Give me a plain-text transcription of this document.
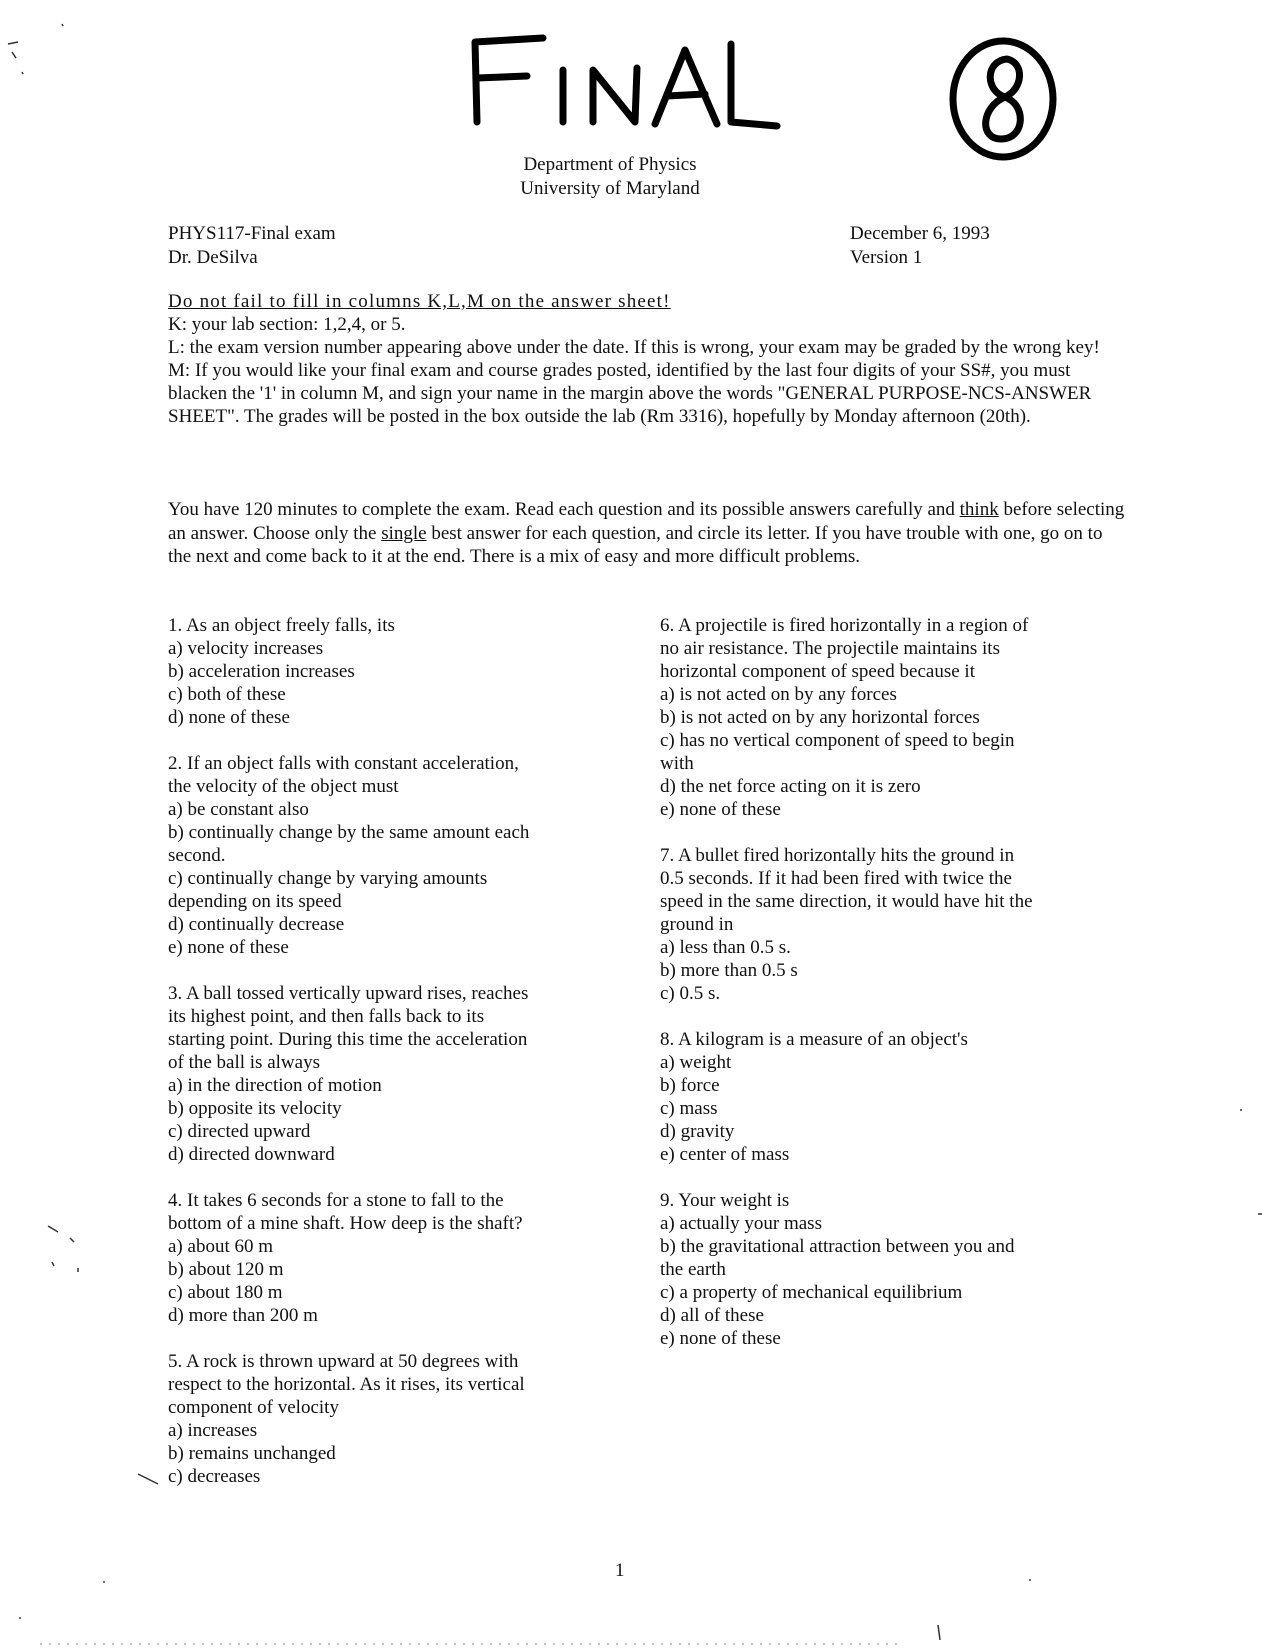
Department of Physics
University of Maryland
PHYS117-Final exam
Dr. DeSilva
December 6, 1993
Version 1

Do not fail to fill in columns K,L,M on the answer sheet!

K: your lab section: 1,2,4, or 5.

L: the exam version number appearing above under the date. If this is wrong, your exam may be graded by the wrong key!

M: If you would like your final exam and course grades posted, identified by the last four digits of your SS#, you must blacken the '1' in column M, and sign your name in the margin above the words "GENERAL PURPOSE-NCS-ANSWER SHEET". The grades will be posted in the box outside the lab (Rm 3316), hopefully by Monday afternoon (20th).

You have 120 minutes to complete the exam. Read each question and its possible answers carefully and think before selecting an answer. Choose only the single best answer for each question, and circle its letter. If you have trouble with one, go on to the next and come back to it at the end. There is a mix of easy and more difficult problems.
1. As an object freely falls, its
a) velocity increases
b) acceleration increases
c) both of these
d) none of these
2. If an object falls with constant acceleration,
the velocity of the object must
a) be constant also
b) continually change by the same amount each
second.
c) continually change by varying amounts
depending on its speed
d) continually decrease
e) none of these
3. A ball tossed vertically upward rises, reaches
its highest point, and then falls back to its
starting point. During this time the acceleration
of the ball is always
a) in the direction of motion
b) opposite its velocity
c) directed upward
d) directed downward
4. It takes 6 seconds for a stone to fall to the
bottom of a mine shaft. How deep is the shaft?
a) about 60 m
b) about 120 m
c) about 180 m
d) more than 200 m
5. A rock is thrown upward at 50 degrees with
respect to the horizontal. As it rises, its vertical
component of velocity
a) increases
b) remains unchanged
c) decreases
6. A projectile is fired horizontally in a region of
no air resistance. The projectile maintains its
horizontal component of speed because it
a) is not acted on by any forces
b) is not acted on by any horizontal forces
c) has no vertical component of speed to begin
with
d) the net force acting on it is zero
e) none of these
7. A bullet fired horizontally hits the ground in
0.5 seconds. If it had been fired with twice the
speed in the same direction, it would have hit the
ground in
a) less than 0.5 s.
b) more than 0.5 s
c) 0.5 s.
8. A kilogram is a measure of an object's
a) weight
b) force
c) mass
d) gravity
e) center of mass
9. Your weight is
a) actually your mass
b) the gravitational attraction between you and
the earth
c) a property of mechanical equilibrium
d) all of these
e) none of these
1
